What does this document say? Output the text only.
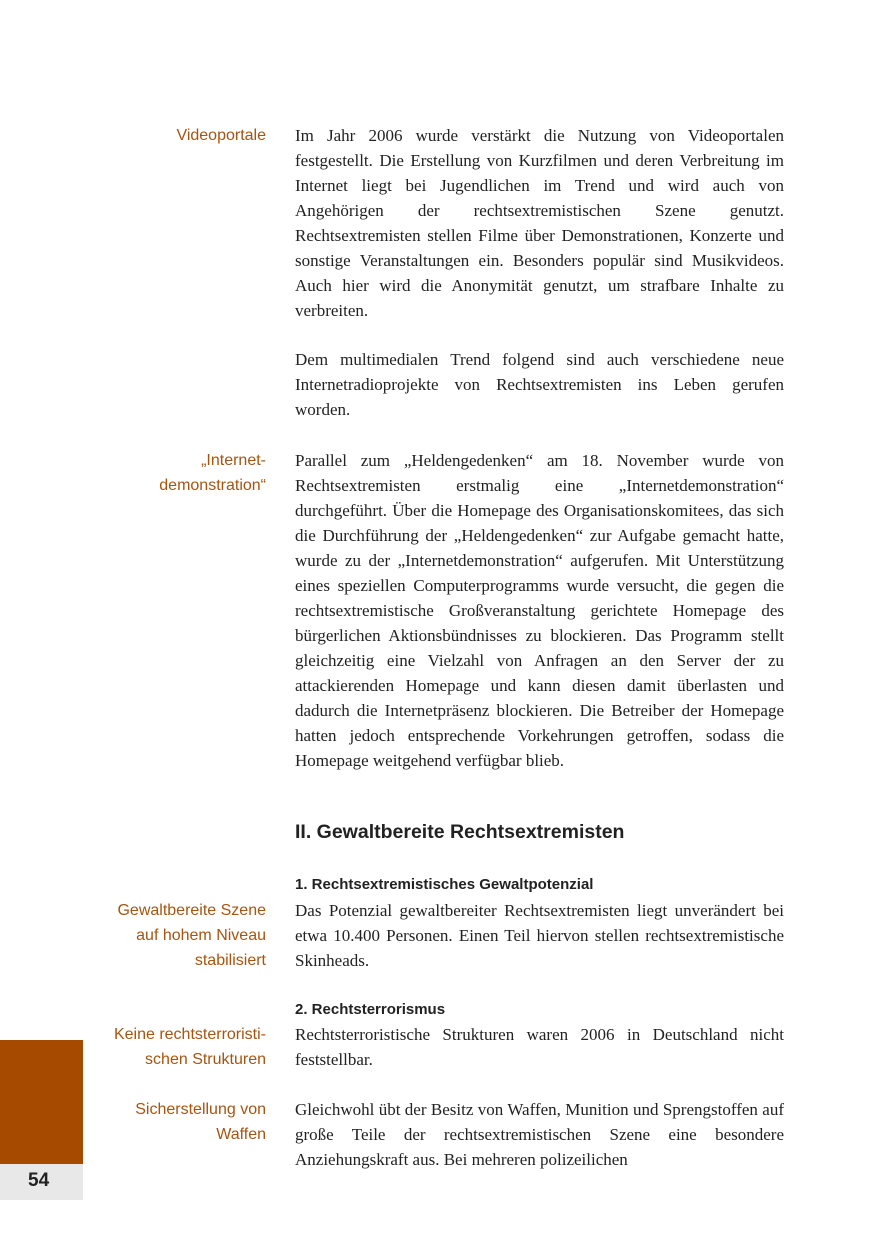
Videoportale
„Internet-
demonstration“
Gewaltbereite Szene
auf hohem Niveau
stabilisiert
Keine rechtsterroristi-
schen Strukturen
Sicherstellung von
Waffen

Im Jahr 2006 wurde verstärkt die Nutzung von Videoportalen festgestellt. Die Erstellung von Kurzfilmen und deren Verbreitung im Internet liegt bei Jugendlichen im Trend und wird auch von Angehörigen der rechtsextremistischen Szene genutzt. Rechtsextremisten stellen Filme über Demonstrationen, Konzerte und sonstige Veranstaltungen ein. Besonders populär sind Musikvideos. Auch hier wird die Anonymität genutzt, um strafbare Inhalte zu verbreiten.

Dem multimedialen Trend folgend sind auch verschiedene neue Internetradioprojekte von Rechtsextremisten ins Leben gerufen worden.

Parallel zum „Heldengedenken“ am 18. November wurde von Rechtsextremisten erstmalig eine „Internetdemonstration“ durchgeführt. Über die Homepage des Organisationskomitees, das sich die Durchführung der „Heldengedenken“ zur Aufgabe gemacht hatte, wurde zu der „Internetdemonstration“ aufgerufen. Mit Unterstützung eines speziellen Computerprogramms wurde versucht, die gegen die rechtsextremistische Großveranstaltung gerichtete Homepage des bürgerlichen Aktionsbündnisses zu blockieren. Das Programm stellt gleichzeitig eine Vielzahl von Anfragen an den Server der zu attackierenden Homepage und kann diesen damit überlasten und dadurch die Internetpräsenz blockieren. Die Betreiber der Homepage hatten jedoch entsprechende Vorkehrungen getroffen, sodass die Homepage weitgehend verfügbar blieb.

II. Gewaltbereite Rechtsextremisten
1. Rechtsextremistisches Gewaltpotenzial

Das Potenzial gewaltbereiter Rechtsextremisten liegt unverändert bei etwa 10.400 Personen. Einen Teil hiervon stellen rechtsextremistische Skinheads.

2. Rechtsterrorismus

Rechtsterroristische Strukturen waren 2006 in Deutschland nicht feststellbar.

Gleichwohl übt der Besitz von Waffen, Munition und Sprengstoffen auf große Teile der rechtsextremistischen Szene eine besondere Anziehungskraft aus. Bei mehreren polizeilichen

54
